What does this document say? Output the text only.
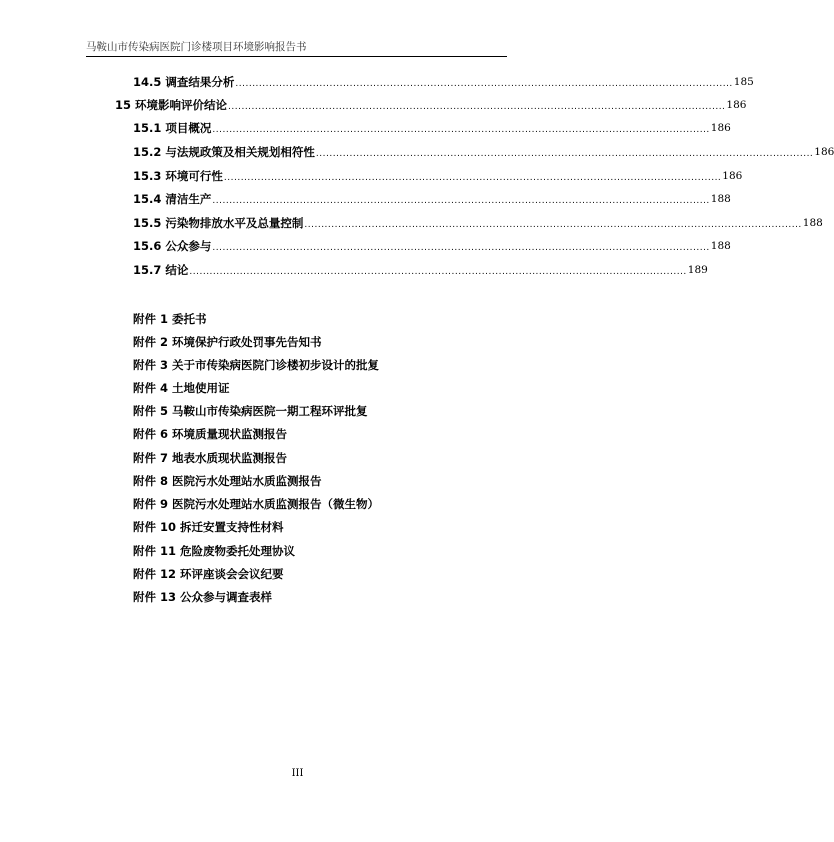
马鞍山市传染病医院门诊楼项目环境影响报告书
14.5 调查结果分析 .................................................................................................................................................... 185
15 环境影响评价结论 .................................................................................................................................................... 186
15.1 项目概况 .................................................................................................................................................... 186
15.2 与法规政策及相关规划相符性 .................................................................................................................................................... 186
15.3 环境可行性 .................................................................................................................................................... 186
15.4 清洁生产 .................................................................................................................................................... 188
15.5 污染物排放水平及总量控制 .................................................................................................................................................... 188
15.6 公众参与 .................................................................................................................................................... 188
15.7 结论 .................................................................................................................................................... 189
附件 1 委托书
附件 2 环境保护行政处罚事先告知书
附件 3 关于市传染病医院门诊楼初步设计的批复
附件 4 土地使用证
附件 5 马鞍山市传染病医院一期工程环评批复
附件 6 环境质量现状监测报告
附件 7 地表水质现状监测报告
附件 8 医院污水处理站水质监测报告
附件 9 医院污水处理站水质监测报告（微生物）
附件 10 拆迁安置支持性材料
附件 11 危险废物委托处理协议
附件 12 环评座谈会会议纪要
附件 13 公众参与调查表样
III
